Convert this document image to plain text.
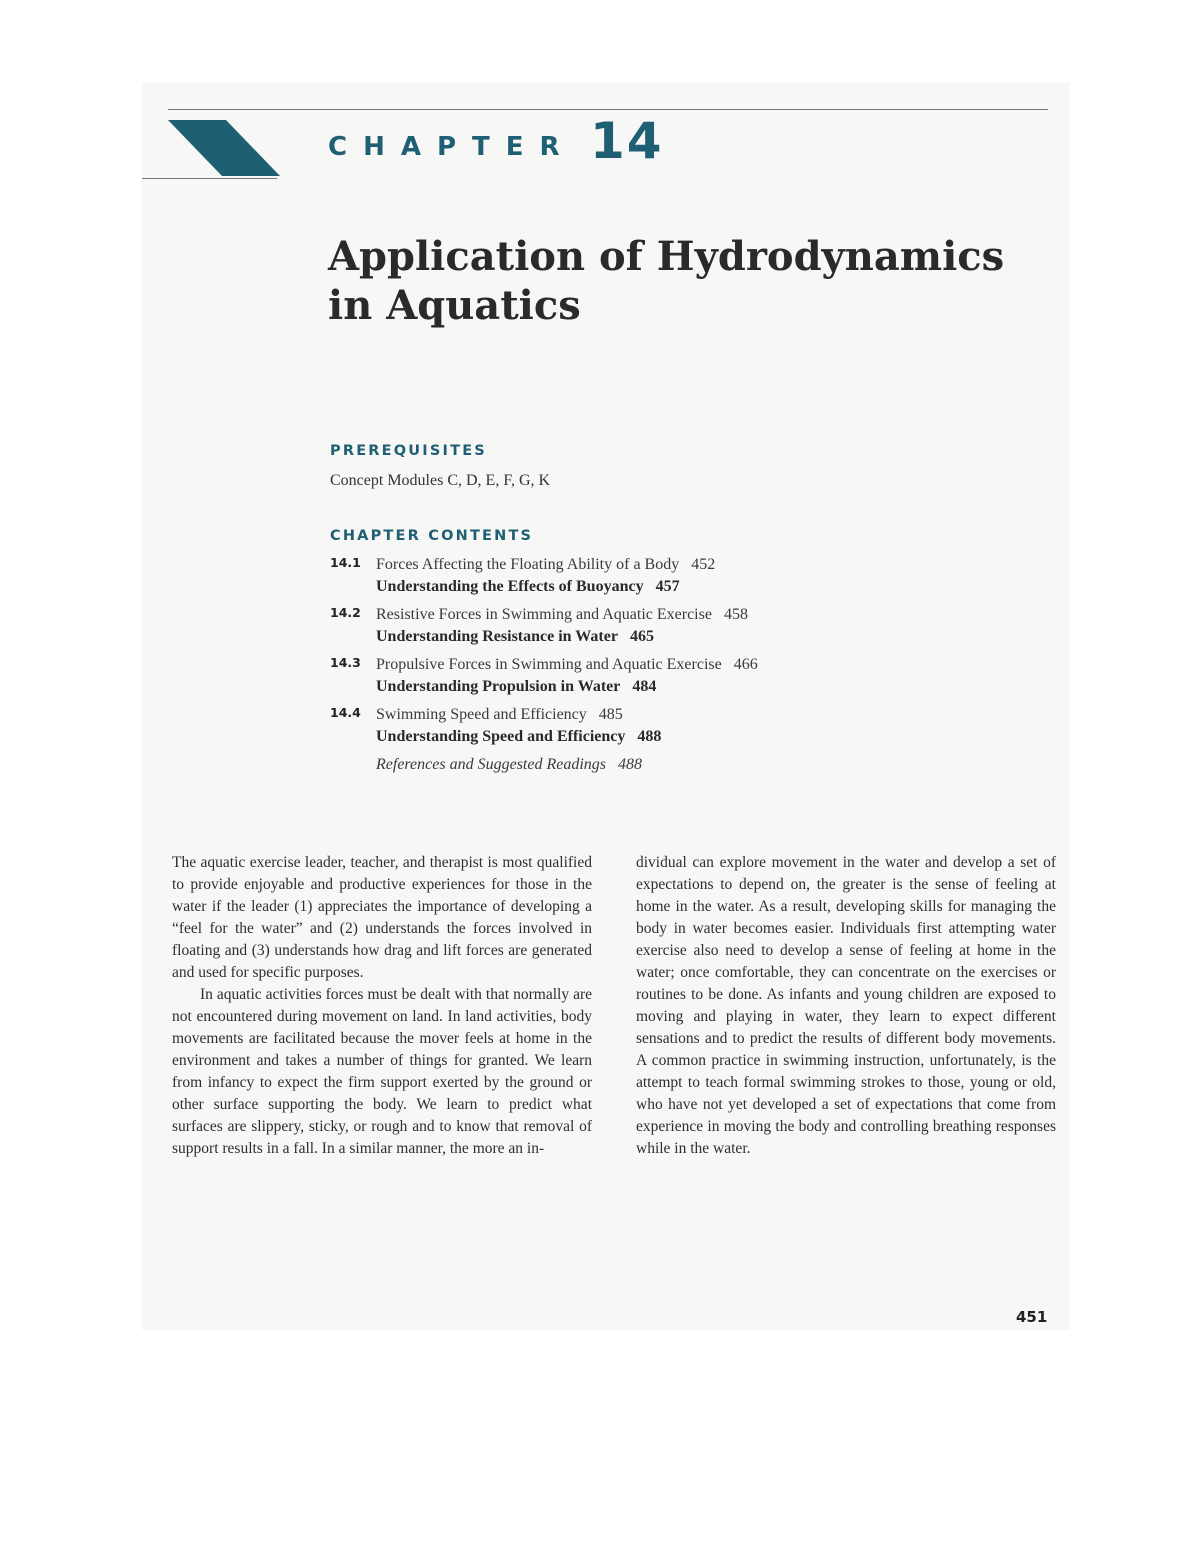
CHAPTER 14
Application of Hydrodynamics
in Aquatics
PREREQUISITES
Concept Modules C, D, E, F, G, K
CHAPTER CONTENTS
14.1 Forces Affecting the Floating Ability of a Body 452
Understanding the Effects of Buoyancy 457
14.2 Resistive Forces in Swimming and Aquatic Exercise 458
Understanding Resistance in Water 465
14.3 Propulsive Forces in Swimming and Aquatic Exercise 466
Understanding Propulsion in Water 484
14.4 Swimming Speed and Efficiency 485
Understanding Speed and Efficiency 488
References and Suggested Readings 488

The aquatic exercise leader, teacher, and therapist is most qualified to provide enjoyable and productive experiences for those in the water if the leader (1) appreciates the importance of developing a “feel for the water” and (2) understands the forces involved in floating and (3) understands how drag and lift forces are generated and used for specific purposes.

In aquatic activities forces must be dealt with that normally are not encountered during movement on land. In land activities, body movements are facilitated because the mover feels at home in the environment and takes a number of things for granted. We learn from infancy to expect the firm support exerted by the ground or other surface supporting the body. We learn to predict what surfaces are slippery, sticky, or rough and to know that removal of support results in a fall. In a similar manner, the more an in-

dividual can explore movement in the water and develop a set of expectations to depend on, the greater is the sense of feeling at home in the water. As a result, developing skills for managing the body in water becomes easier. Individuals first attempting water exercise also need to develop a sense of feeling at home in the water; once comfortable, they can concentrate on the exercises or routines to be done. As infants and young children are exposed to moving and playing in water, they learn to expect different sensations and to predict the results of different body movements. A common practice in swimming instruction, unfortunately, is the attempt to teach formal swimming strokes to those, young or old, who have not yet developed a set of expectations that come from experience in moving the body and controlling breathing responses while in the water.

451
